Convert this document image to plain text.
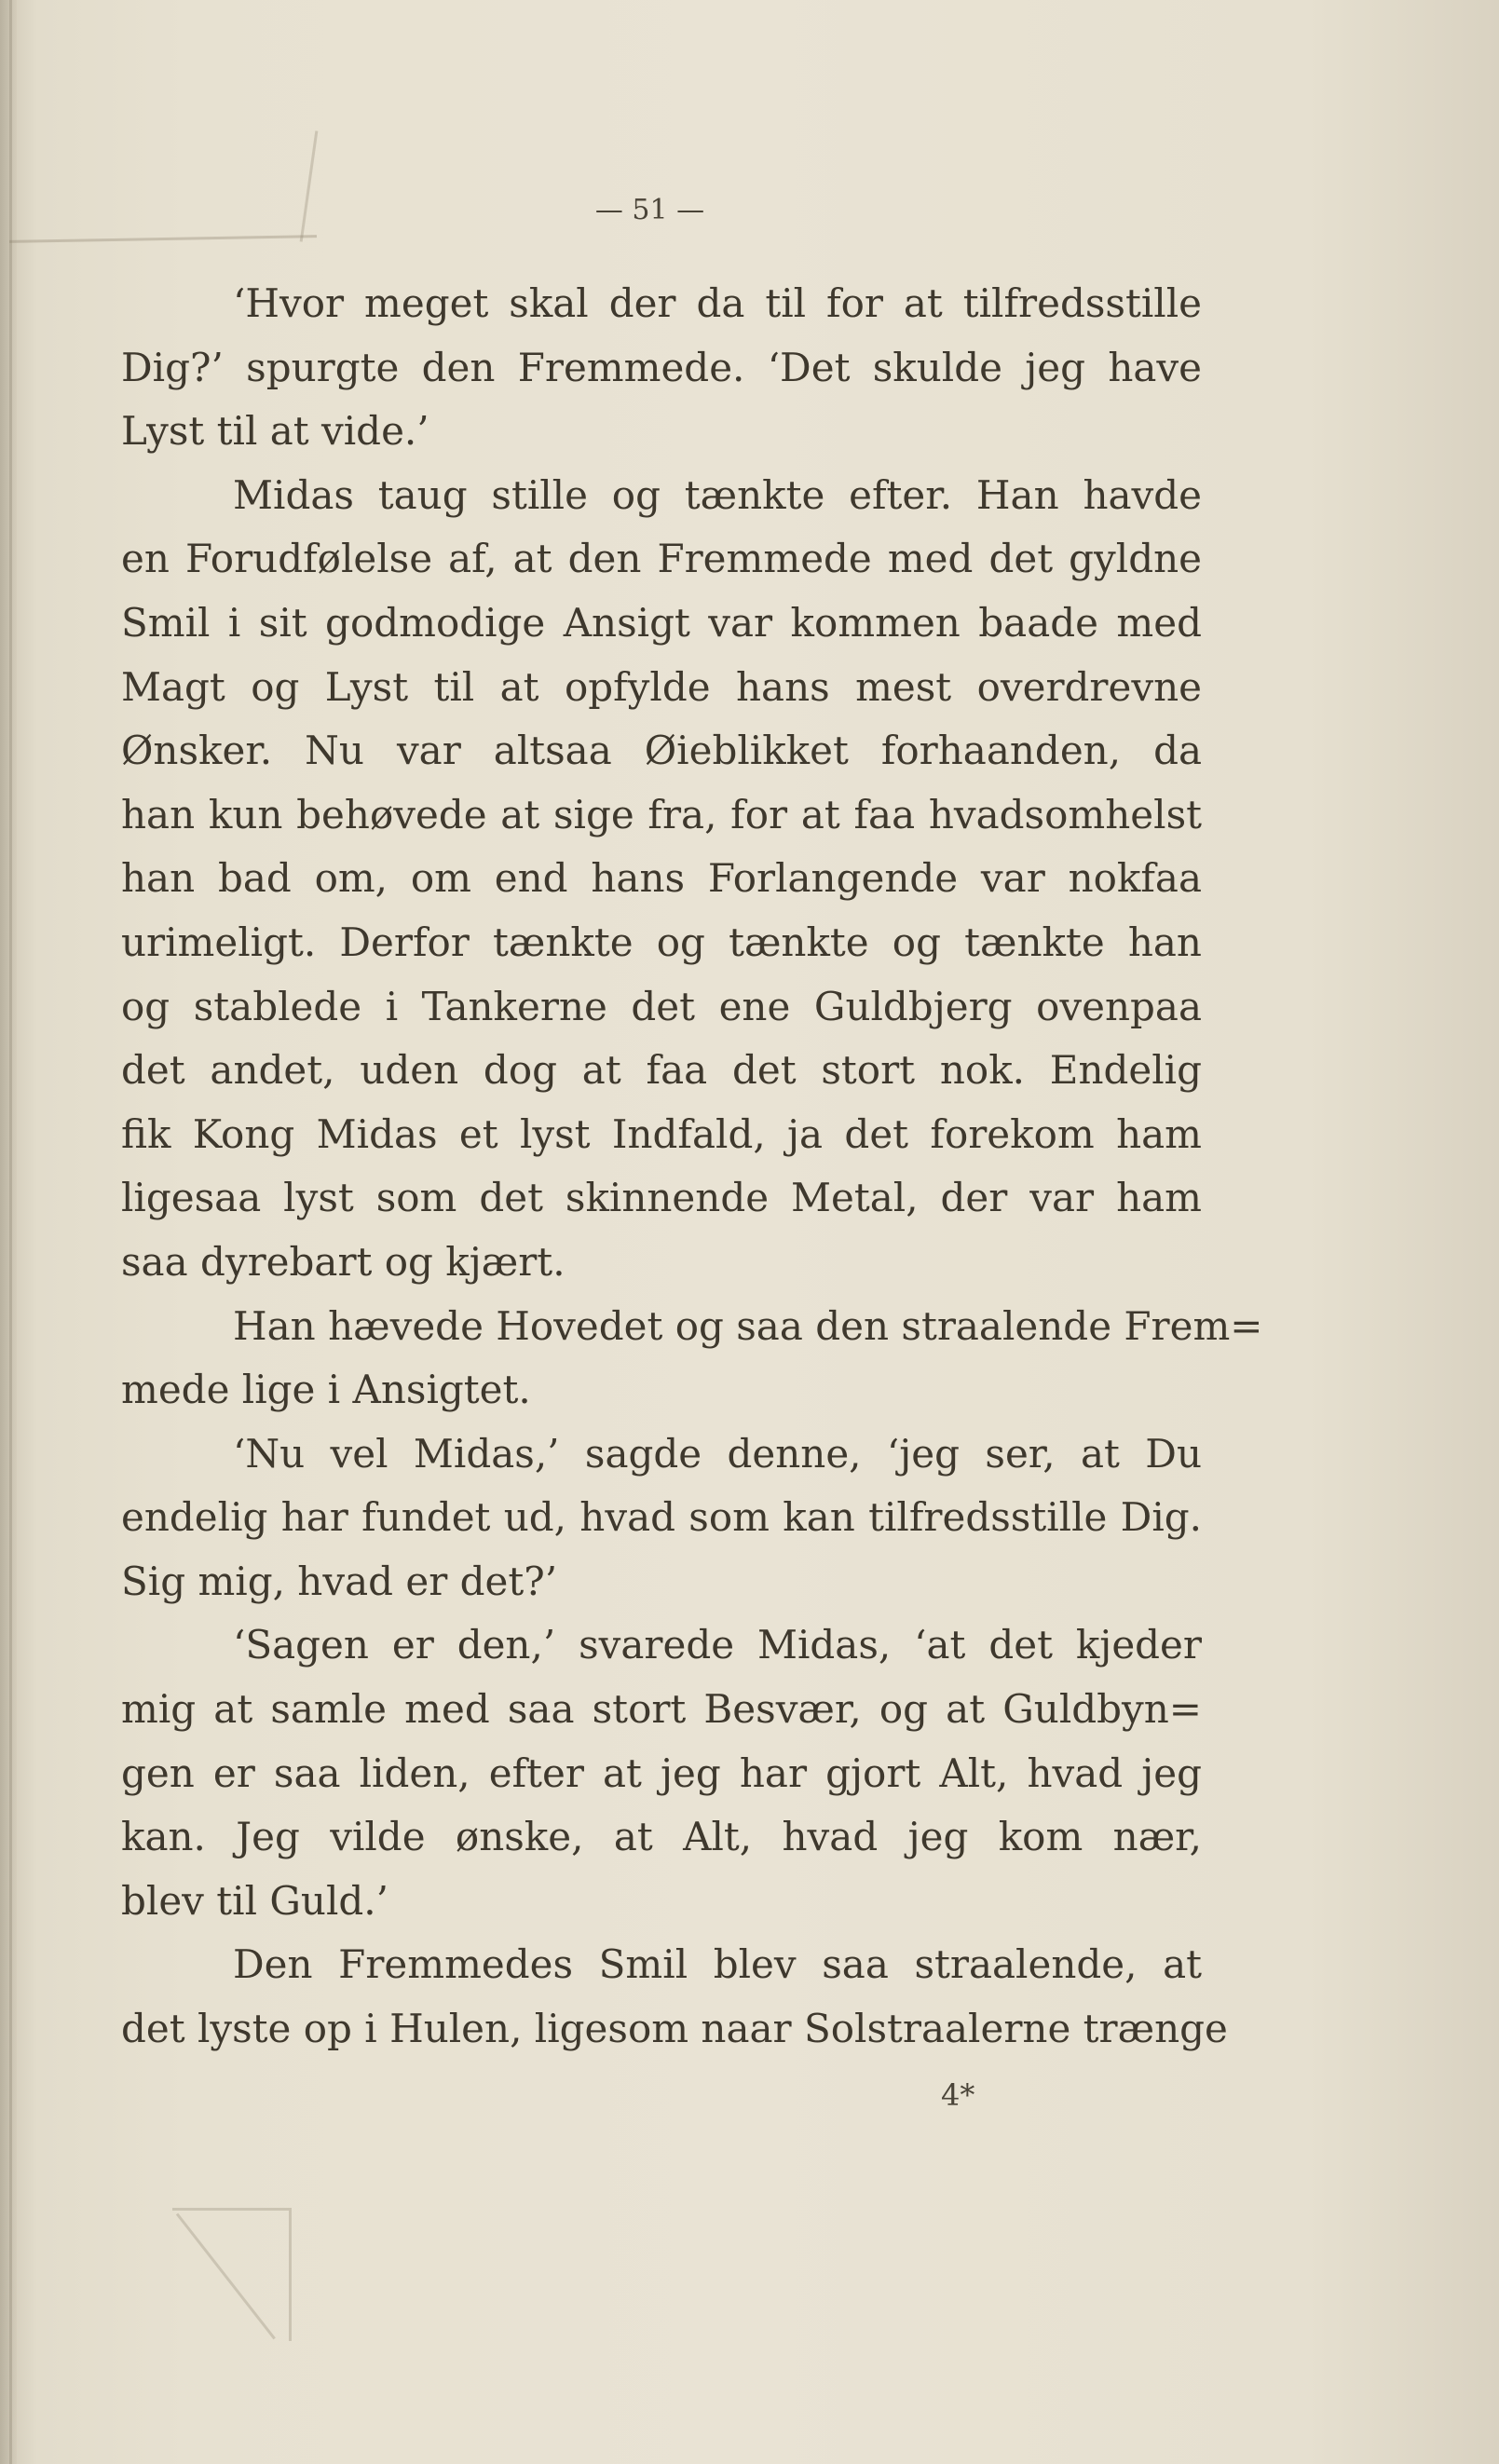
— 51 —
‘Hvor meget skal der da til for at tilfredsstille
Dig?’ spurgte den Fremmede. ‘Det skulde jeg have
Lyst til at vide.’
Midas taug stille og tænkte efter. Han havde
en Forudfølelse af, at den Fremmede med det gyldne
Smil i sit godmodige Ansigt var kommen baade med
Magt og Lyst til at opfylde hans mest overdrevne
Ønsker. Nu var altsaa Øieblikket forhaanden, da
han kun behøvede at sige fra, for at faa hvadsomhelst
han bad om, om end hans Forlangende var nokfaa
urimeligt. Derfor tænkte og tænkte og tænkte han
og stablede i Tankerne det ene Guldbjerg ovenpaa
det andet, uden dog at faa det stort nok. Endelig
fik Kong Midas et lyst Indfald, ja det forekom ham
ligesaa lyst som det skinnende Metal, der var ham
saa dyrebart og kjært.
Han hævede Hovedet og saa den straalende Frem=
mede lige i Ansigtet.
‘Nu vel Midas,’ sagde denne, ‘jeg ser, at Du
endelig har fundet ud, hvad som kan tilfredsstille Dig.
Sig mig, hvad er det?’
‘Sagen er den,’ svarede Midas, ‘at det kjeder
mig at samle med saa stort Besvær, og at Guldbyn=
gen er saa liden, efter at jeg har gjort Alt, hvad jeg
kan. Jeg vilde ønske, at Alt, hvad jeg kom nær,
blev til Guld.’
Den Fremmedes Smil blev saa straalende, at
det lyste op i Hulen, ligesom naar Solstraalerne trænge
4*
